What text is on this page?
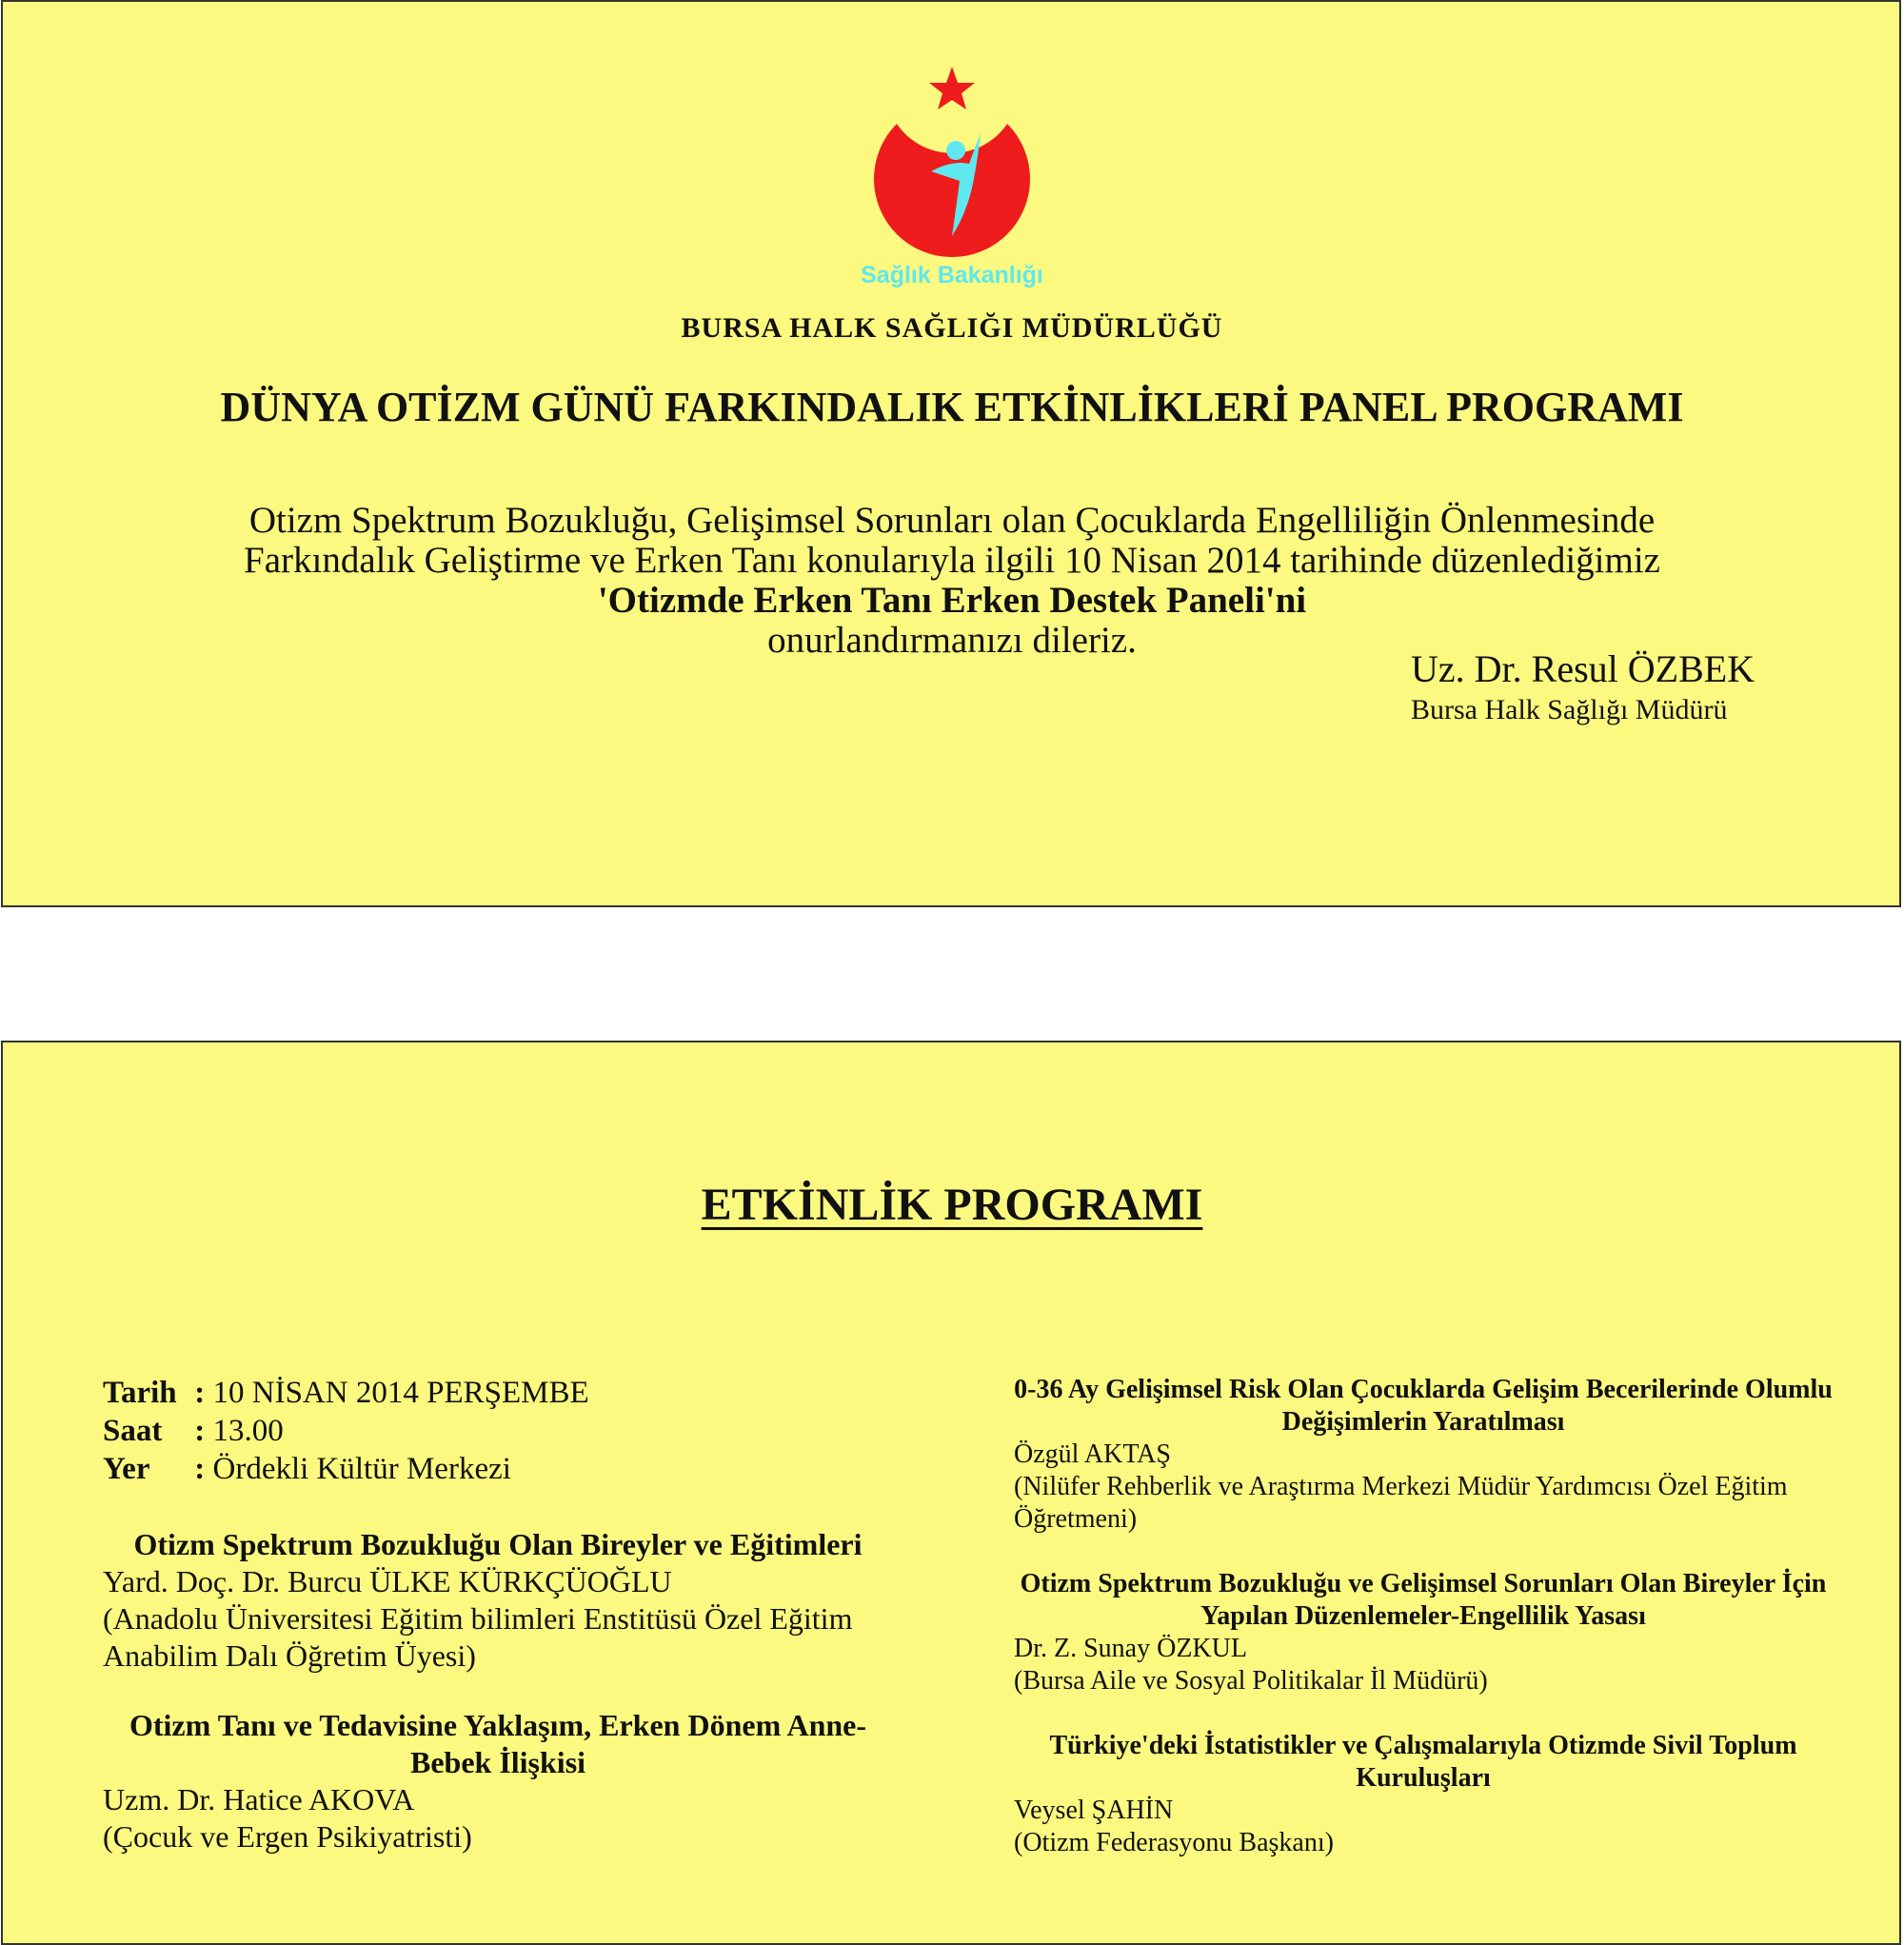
Sağlık Bakanlığı
BURSA HALK SAĞLIĞI MÜDÜRLÜĞÜ
DÜNYA OTİZM GÜNÜ FARKINDALIK ETKİNLİKLERİ PANEL PROGRAMI
Otizm Spektrum Bozukluğu, Gelişimsel Sorunları olan Çocuklarda Engelliliğin Önlenmesinde
Farkındalık Geliştirme ve Erken Tanı konularıyla ilgili 10 Nisan 2014 tarihinde düzenlediğimiz
'Otizmde Erken Tanı Erken Destek Paneli'ni
onurlandırmanızı dileriz.
Uz. Dr. Resul ÖZBEK
Bursa Halk Sağlığı Müdürü
ETKİNLİK PROGRAMI
Tarih : 10 NİSAN 2014 PERŞEMBE
Saat : 13.00
Yer : Ördekli Kültür Merkezi
Otizm Spektrum Bozukluğu Olan Bireyler ve Eğitimleri
Yard. Doç. Dr. Burcu ÜLKE KÜRKÇÜOĞLU
(Anadolu Üniversitesi Eğitim bilimleri Enstitüsü Özel Eğitim Anabilim Dalı Öğretim Üyesi)
Otizm Tanı ve Tedavisine Yaklaşım, Erken Dönem Anne-Bebek İlişkisi
Uzm. Dr. Hatice AKOVA
(Çocuk ve Ergen Psikiyatristi)
0-36 Ay Gelişimsel Risk Olan Çocuklarda Gelişim Becerilerinde Olumlu Değişimlerin Yaratılması
Özgül AKTAŞ
(Nilüfer Rehberlik ve Araştırma Merkezi Müdür Yardımcısı Özel Eğitim Öğretmeni)
Otizm Spektrum Bozukluğu ve Gelişimsel Sorunları Olan Bireyler İçin Yapılan Düzenlemeler-Engellilik Yasası
Dr. Z. Sunay ÖZKUL
(Bursa Aile ve Sosyal Politikalar İl Müdürü)
Türkiye'deki İstatistikler ve Çalışmalarıyla Otizmde Sivil Toplum Kuruluşları
Veysel ŞAHİN
(Otizm Federasyonu Başkanı)
